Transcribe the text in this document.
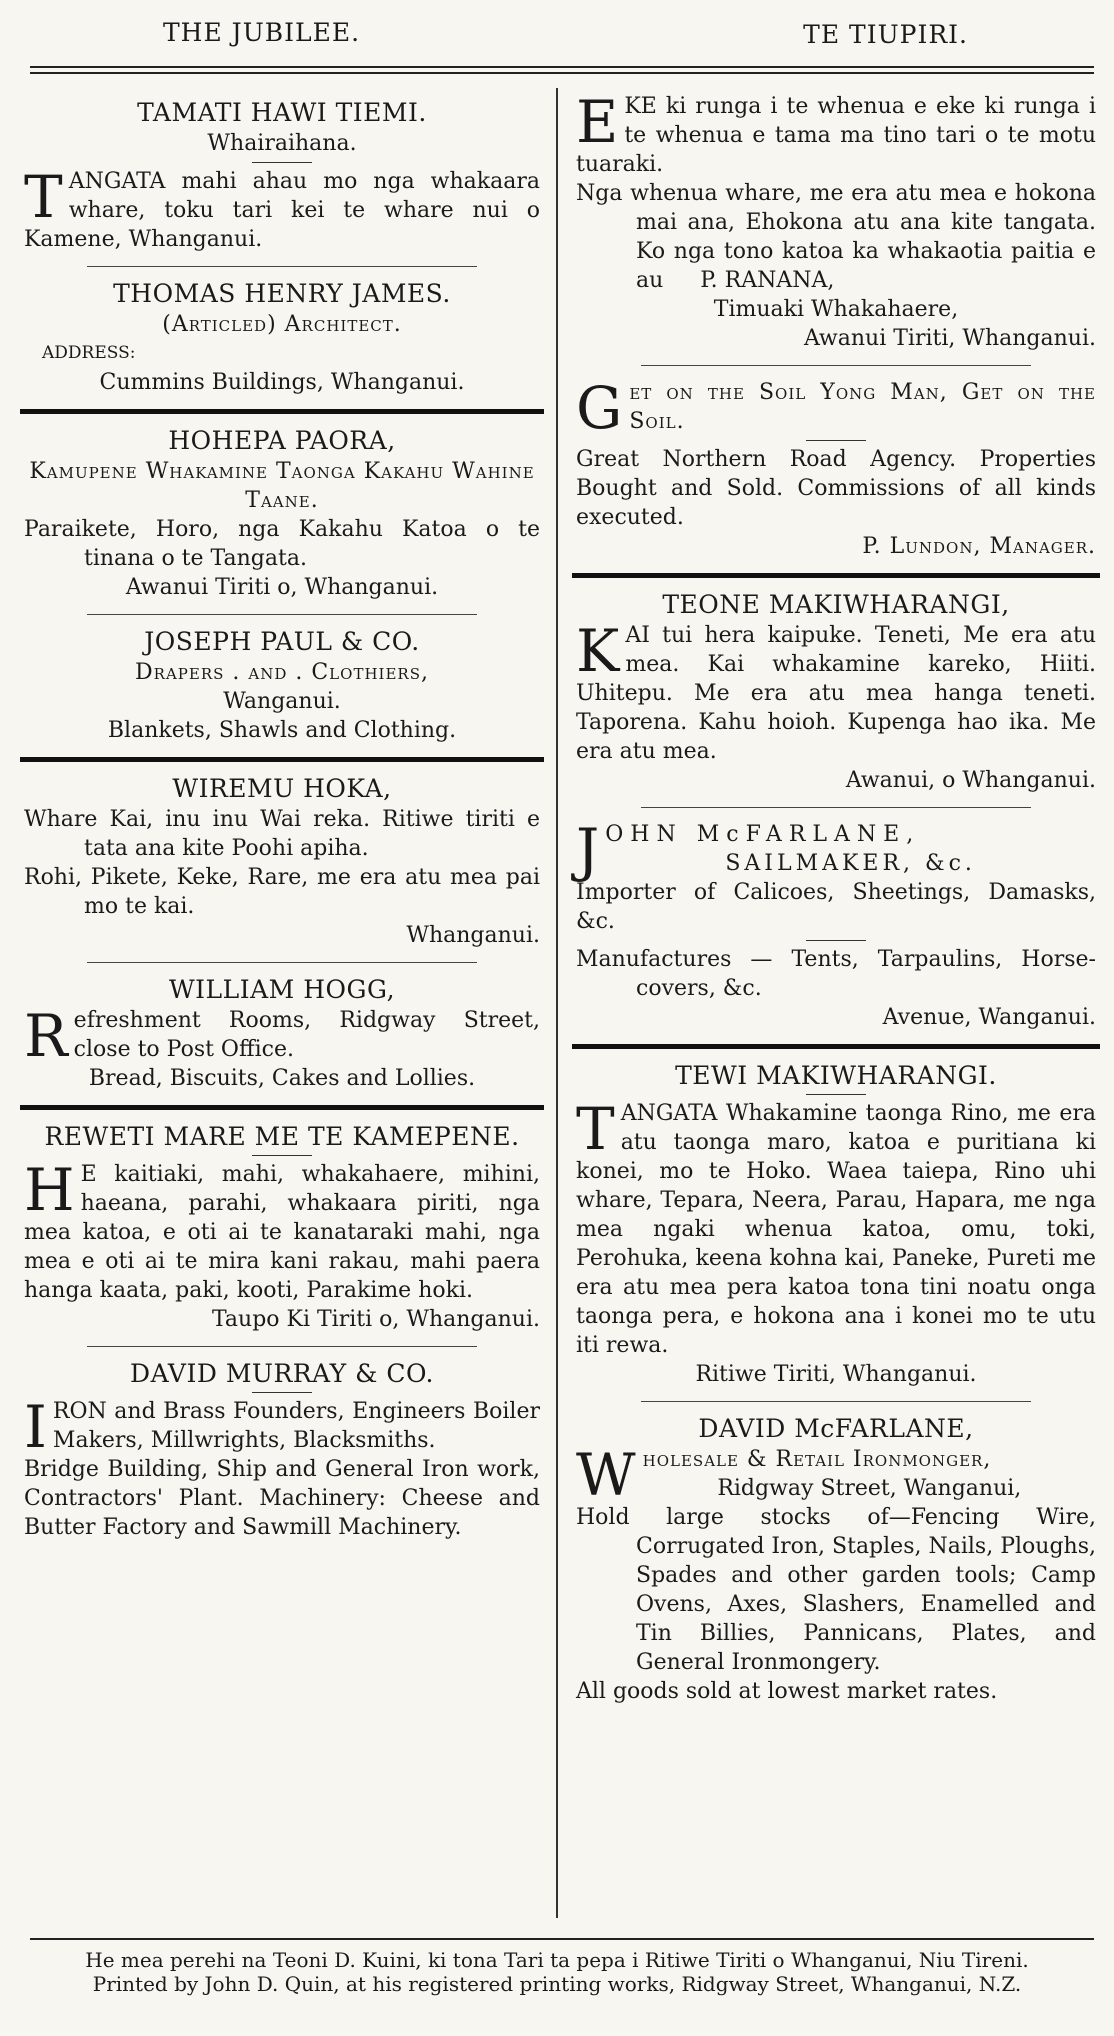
THE JUBILEE.	TE TIUPIRI.
TAMATI HAWI TIEMI.
Whairaihana.

TANGATA mahi ahau mo nga whakaara whare, toku tari kei te whare nui o Kamene, Whanganui.

THOMAS HENRY JAMES.
(Articled) Architect.
ADDRESS:
Cummins Buildings, Whanganui.
HOHEPA PAORA,
Kamupene Whakamine Taonga Kakahu Wahine Taane.

Paraikete, Horo, nga Kakahu Katoa o te tinana o te Tangata.

Awanui Tiriti o, Whanganui.
JOSEPH PAUL & CO.
Drapers . and . Clothiers,
Wanganui.
Blankets, Shawls and Clothing.
WIREMU HOKA,

Whare Kai, inu inu Wai reka. Ritiwe tiriti e tata ana kite Poohi apiha.

Rohi, Pikete, Keke, Rare, me era atu mea pai mo te kai.

Whanganui.
WILLIAM HOGG,

Refreshment Rooms, Ridgway Street, close to Post Office.

Bread, Biscuits, Cakes and Lollies.
REWETI MARE ME TE KAMEPENE.

H E kaitiaki, mahi, whakahaere, mihini, haeana, parahi, whakaara piriti, nga mea katoa, e oti ai te kanataraki mahi, nga mea e oti ai te mira kani rakau, mahi paera hanga kaata, paki, kooti, Parakime hoki.

Taupo Ki Tiriti o, Whanganui.
DAVID MURRAY & CO.

IRON and Brass Founders, Engineers Boiler Makers, Millwrights, Blacksmiths.

Bridge Building, Ship and General Iron work, Contractors' Plant. Machinery: Cheese and Butter Factory and Sawmill Machinery.

EKE ki runga i te whenua e eke ki runga i te whenua e tama ma tino tari o te motu tuaraki.

Nga whenua whare, me era atu mea e hokona mai ana, Ehokona atu ana kite tangata. Ko nga tono katoa ka whakaotia paitia e au P. RANANA,

Timuaki Whakahaere,
Awanui Tiriti, Whanganui.

Get on the Soil Yong Man, Get on the Soil.

Great Northern Road Agency. Properties Bought and Sold. Commissions of all kinds executed.

P. Lundon, Manager.
TEONE MAKIWHARANGI,

KAI tui hera kaipuke. Teneti, Me era atu mea. Kai whakamine kareko, Hiiti. Uhitepu. Me era atu mea hanga teneti. Taporena. Kahu hoioh. Kupenga hao ika. Me era atu mea.

Awanui, o Whanganui.
JOHN McFARLANE,
SAILMAKER, &c.

Importer of Calicoes, Sheetings, Damasks, &c.

Manufactures — Tents, Tarpaulins, Horse-covers, &c.

Avenue, Wanganui.
TEWI MAKIWHARANGI.

TANGATA Whakamine taonga Rino, me era atu taonga maro, katoa e puritiana ki konei, mo te Hoko. Waea taiepa, Rino uhi whare, Tepara, Neera, Parau, Hapara, me nga mea ngaki whenua katoa, omu, toki, Perohuka, keena kohna kai, Paneke, Pureti me era atu mea pera katoa tona tini noatu onga taonga pera, e hokona ana i konei mo te utu iti rewa.

Ritiwe Tiriti, Whanganui.
DAVID McFARLANE,
Wholesale & Retail Ironmonger,
Ridgway Street, Wanganui,

Hold large stocks of—Fencing Wire, Corrugated Iron, Staples, Nails, Ploughs, Spades and other garden tools; Camp Ovens, Axes, Slashers, Enamelled and Tin Billies, Pannicans, Plates, and General Ironmongery.

All goods sold at lowest market rates.

He mea perehi na Teoni D. Kuini, ki tona Tari ta pepa i Ritiwe Tiriti o Whanganui, Niu Tireni.
Printed by John D. Quin, at his registered printing works, Ridgway Street, Whanganui, N.Z.
